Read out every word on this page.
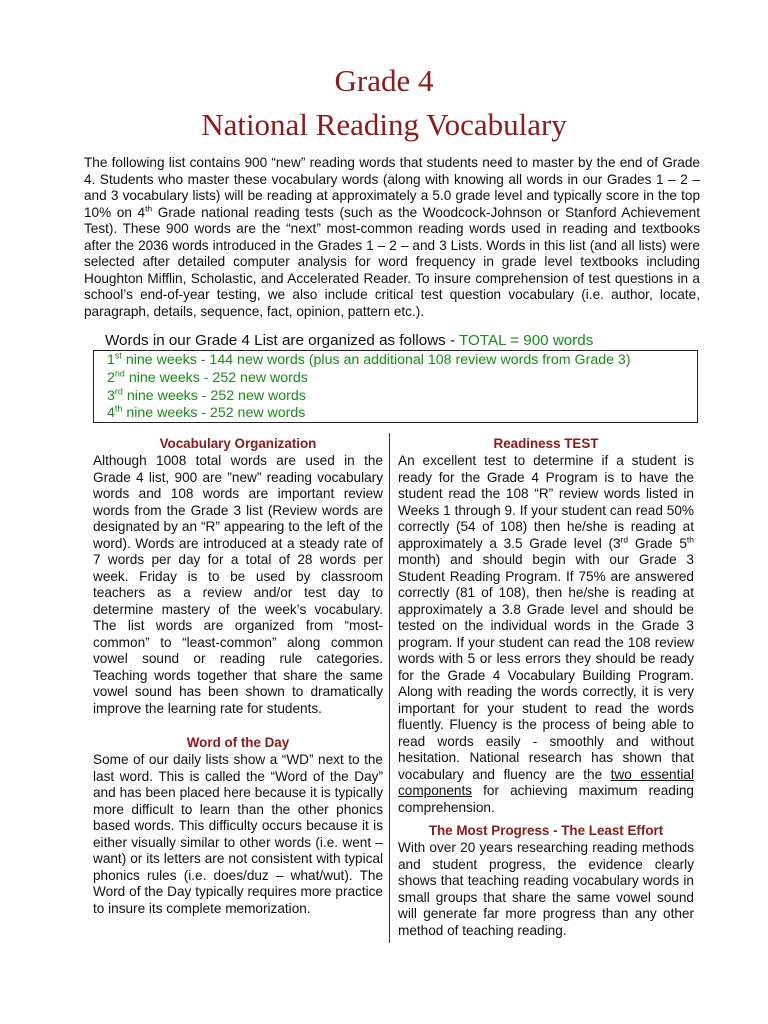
Grade 4
National Reading Vocabulary
The following list contains 900 “new” reading words that students need to master by the end of Grade 4. Students who master these vocabulary words (along with knowing all words in our Grades 1 – 2 – and 3 vocabulary lists) will be reading at approximately a 5.0 grade level and typically score in the top 10% on 4th Grade national reading tests (such as the Woodcock-Johnson or Stanford Achievement Test). These 900 words are the “next” most-common reading words used in reading and textbooks after the 2036 words introduced in the Grades 1 – 2 – and 3 Lists. Words in this list (and all lists) were selected after detailed computer analysis for word frequency in grade level textbooks including Houghton Mifflin, Scholastic, and Accelerated Reader. To insure comprehension of test questions in a school’s end-of-year testing, we also include critical test question vocabulary (i.e. author, locate, paragraph, details, sequence, fact, opinion, pattern etc.).
Words in our Grade 4 List are organized as follows - TOTAL = 900 words
1st nine weeks - 144 new words (plus an additional 108 review words from Grade 3)
2nd nine weeks - 252 new words
3rd nine weeks - 252 new words
4th nine weeks - 252 new words
Vocabulary Organization

Although 1008 total words are used in the Grade 4 list, 900 are ”new” reading vocabulary words and 108 words are important review words from the Grade 3 list (Review words are designated by an “R” appearing to the left of the word). Words are introduced at a steady rate of 7 words per day for a total of 28 words per week. Friday is to be used by classroom teachers as a review and/or test day to determine mastery of the week’s vocabulary. The list words are organized from “most-common” to “least-common” along common vowel sound or reading rule categories. Teaching words together that share the same vowel sound has been shown to dramatically improve the learning rate for students.

Word of the Day

Some of our daily lists show a “WD” next to the last word. This is called the “Word of the Day” and has been placed here because it is typically more difficult to learn than the other phonics based words. This difficulty occurs because it is either visually similar to other words (i.e. went – want) or its letters are not consistent with typical phonics rules (i.e. does/duz – what/wut). The Word of the Day typically requires more practice to insure its complete memorization.

Readiness TEST

An excellent test to determine if a student is ready for the Grade 4 Program is to have the student read the 108 “R” review words listed in Weeks 1 through 9. If your student can read 50% correctly (54 of 108) then he/she is reading at approximately a 3.5 Grade level (3rd Grade 5th month) and should begin with our Grade 3 Student Reading Program. If 75% are answered correctly (81 of 108), then he/she is reading at approximately a 3.8 Grade level and should be tested on the individual words in the Grade 3 program. If your student can read the 108 review words with 5 or less errors they should be ready for the Grade 4 Vocabulary Building Program. Along with reading the words correctly, it is very important for your student to read the words fluently. Fluency is the process of being able to read words easily - smoothly and without hesitation. National research has shown that vocabulary and fluency are the two essential components for achieving maximum reading comprehension.

The Most Progress - The Least Effort

With over 20 years researching reading methods and student progress, the evidence clearly shows that teaching reading vocabulary words in small groups that share the same vowel sound will generate far more progress than any other method of teaching reading.
